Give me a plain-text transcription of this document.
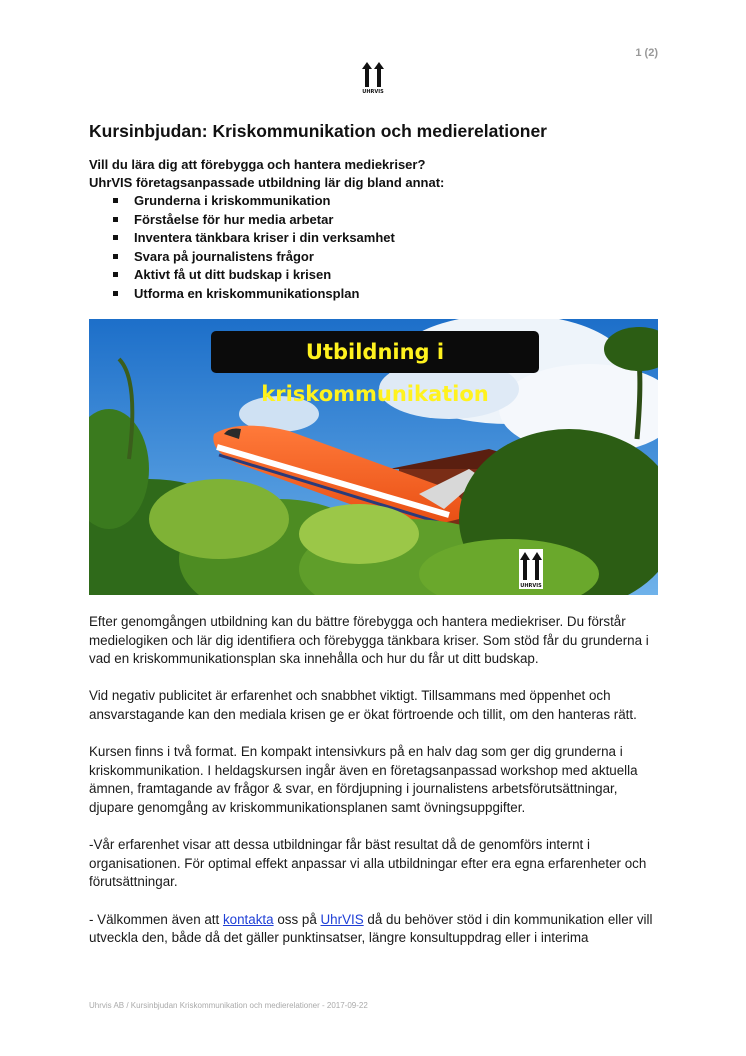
1 (2)
UHRVIS
Kursinbjudan: Kriskommunikation och medierelationer

Vill du lära dig att förebygga och hantera mediekriser?

UhrVIS företagsanpassade utbildning lär dig bland annat:

Grunderna i kriskommunikation
Förståelse för hur media arbetar
Inventera tänkbara kriser i din verksamhet
Svara på journalistens frågor
Aktivt få ut ditt budskap i krisen
Utforma en kriskommunikationsplan
Utbildning i kriskommunikation
UHRVIS

Efter genomgången utbildning kan du bättre förebygga och hantera mediekriser. Du förstår medielogiken och lär dig identifiera och förebygga tänkbara kriser. Som stöd får du grunderna i vad en kriskommunikationsplan ska innehålla och hur du får ut ditt budskap.

Vid negativ publicitet är erfarenhet och snabbhet viktigt. Tillsammans med öppenhet och ansvarstagande kan den mediala krisen ge er ökat förtroende och tillit, om den hanteras rätt.

Kursen finns i två format. En kompakt intensivkurs på en halv dag som ger dig grunderna i kriskommunikation. I heldagskursen ingår även en företagsanpassad workshop med aktuella ämnen, framtagande av frågor & svar, en fördjupning i journalistens arbetsförutsättningar, djupare genomgång av kriskommunikationsplanen samt övningsuppgifter.

-Vår erfarenhet visar att dessa utbildningar får bäst resultat då de genomförs internt i organisationen. För optimal effekt anpassar vi alla utbildningar efter era egna erfarenheter och förutsättningar.

- Välkommen även att kontakta oss på UhrVIS då du behöver stöd i din kommunikation eller vill utveckla den, både då det gäller punktinsatser, längre konsultuppdrag eller i interima

Uhrvis AB / Kursinbjudan Kriskommunikation och medierelationer - 2017-09-22
